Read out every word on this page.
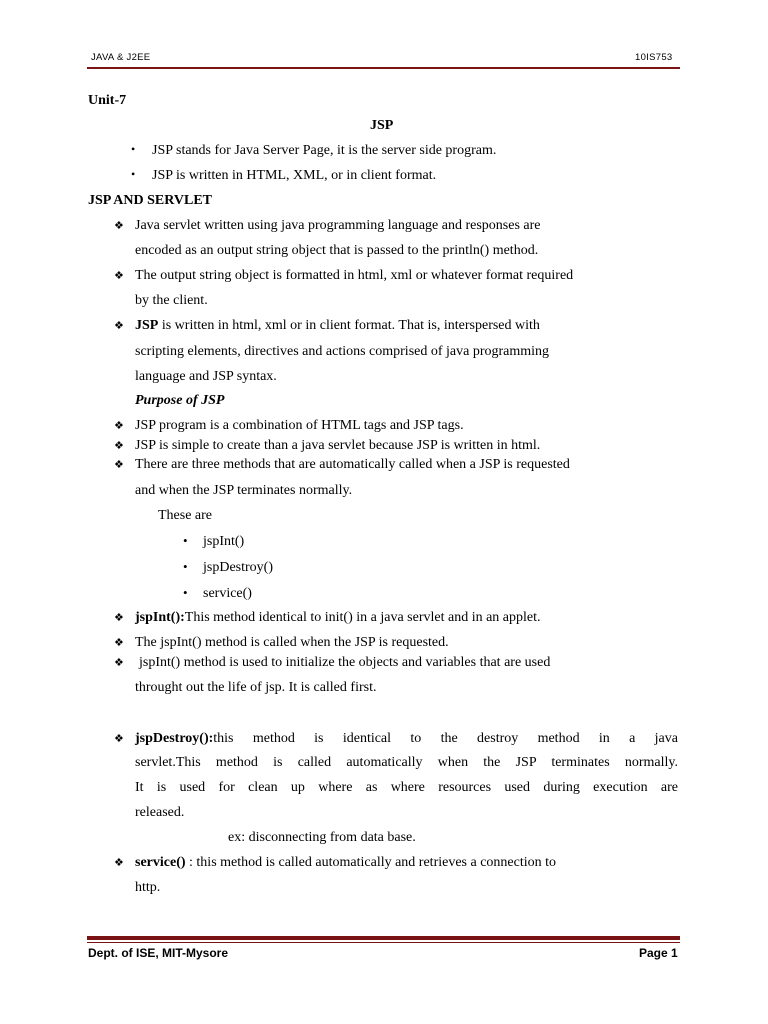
JAVA & J2EE	10IS753
Unit-7
JSP
• JSP stands for Java Server Page, it is the server side program.
• JSP is written in HTML, XML, or in client format.
JSP AND SERVLET
❖ Java servlet written using java programming language and responses are
encoded as an output string object that is passed to the println() method.
❖ The output string object is formatted in html, xml or whatever format required
by the client.
❖ JSP is written in html, xml or in client format. That is, interspersed with
scripting elements, directives and actions comprised of java programming
language and JSP syntax.
Purpose of JSP
❖ JSP program is a combination of HTML tags and JSP tags.
❖ JSP is simple to create than a java servlet because JSP is written in html.
❖ There are three methods that are automatically called when a JSP is requested
and when the JSP terminates normally.
These are
• jspInt()
• jspDestroy()
• service()
❖ jspInt():This method identical to init() in a java servlet and in an applet.
❖ The jspInt() method is called when the JSP is requested.
❖ jspInt() method is used to initialize the objects and variables that are used
throught out the life of jsp. It is called first.
❖ jspDestroy():this method is identical to the destroy method in a java
servlet.This method is called automatically when the JSP terminates normally.
It is used for clean up where as where resources used during execution are
released.
ex: disconnecting from data base.
❖ service() : this method is called automatically and retrieves a connection to
http.
Dept. of ISE, MIT-Mysore	Page 1
